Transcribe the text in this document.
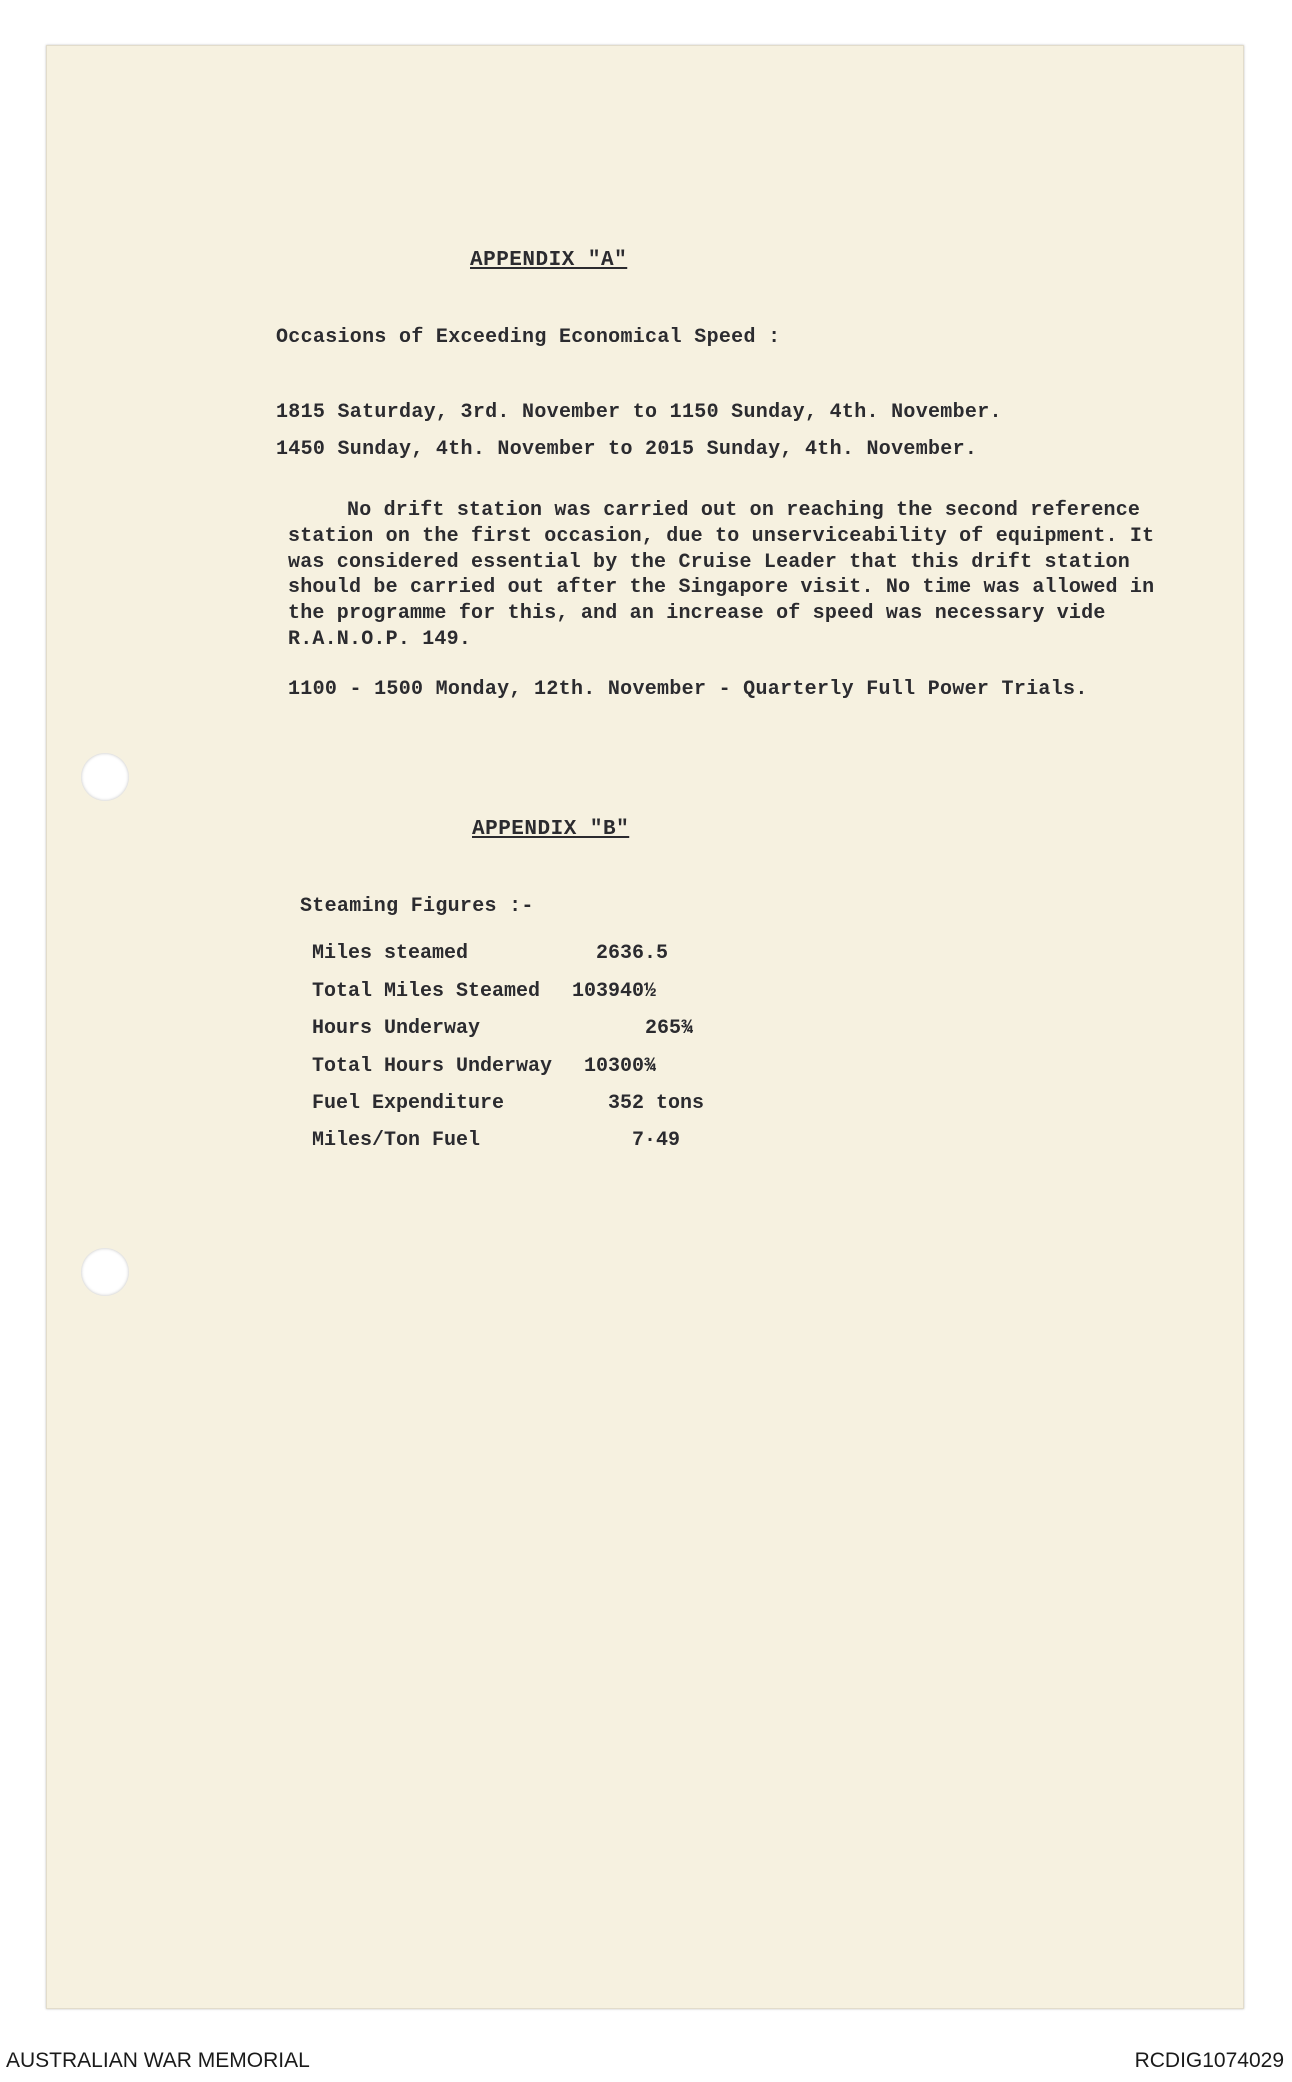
APPENDIX "A"
Occasions of Exceeding Economical Speed :
1815 Saturday, 3rd. November to 1150 Sunday, 4th. November.
1450 Sunday, 4th. November to 2015 Sunday, 4th. November.
No drift station was carried out on reaching the second reference station on the first occasion, due to unserviceability of equipment. It was considered essential by the Cruise Leader that this drift station should be carried out after the Singapore visit. No time was allowed in the programme for this, and an increase of speed was necessary vide R.A.N.O.P. 149.
1100 - 1500 Monday, 12th. November - Quarterly Full Power Trials.
APPENDIX "B"
Steaming Figures :-
Miles steamed	2636.5
Total Miles Steamed 103940½
Hours Underway	265¾
Total Hours Underway 10300¾
Fuel Expenditure	352 tons
Miles/Ton Fuel	7·49
AUSTRALIAN WAR MEMORIAL	RCDIG1074029
